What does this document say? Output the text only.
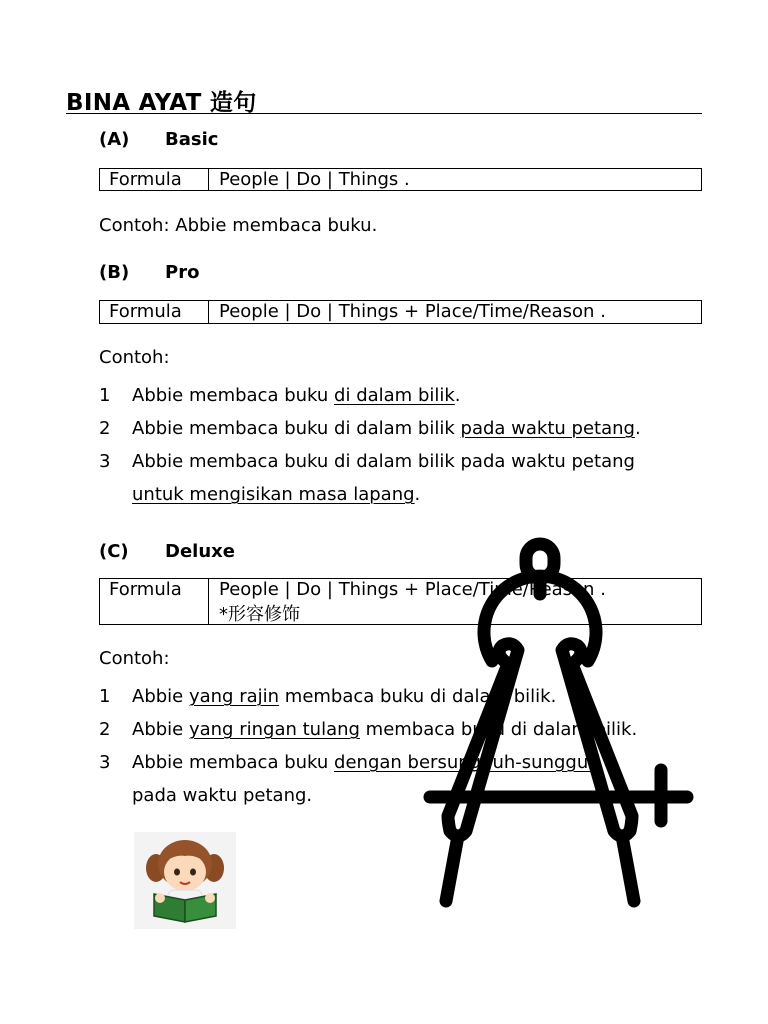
BINA AYAT 造句
(A) Basic
Formula	People | Do | Things .
Contoh: Abbie membaca buku.
(B) Pro
Formula	People | Do | Things + Place/Time/Reason .
Contoh:
1 Abbie membaca buku di dalam bilik.
2 Abbie membaca buku di dalam bilik pada waktu petang.
3 Abbie membaca buku di dalam bilik pada waktu petang
untuk mengisikan masa lapang.
(C) Deluxe
Formula	People | Do | Things + Place/Time/Reason .
*形容修饰
Contoh:
1 Abbie yang rajin membaca buku di dalam bilik.
2 Abbie yang ringan tulang membaca buku di dalam bilik.
3 Abbie membaca buku dengan bersungguh-sungguh
pada waktu petang.
